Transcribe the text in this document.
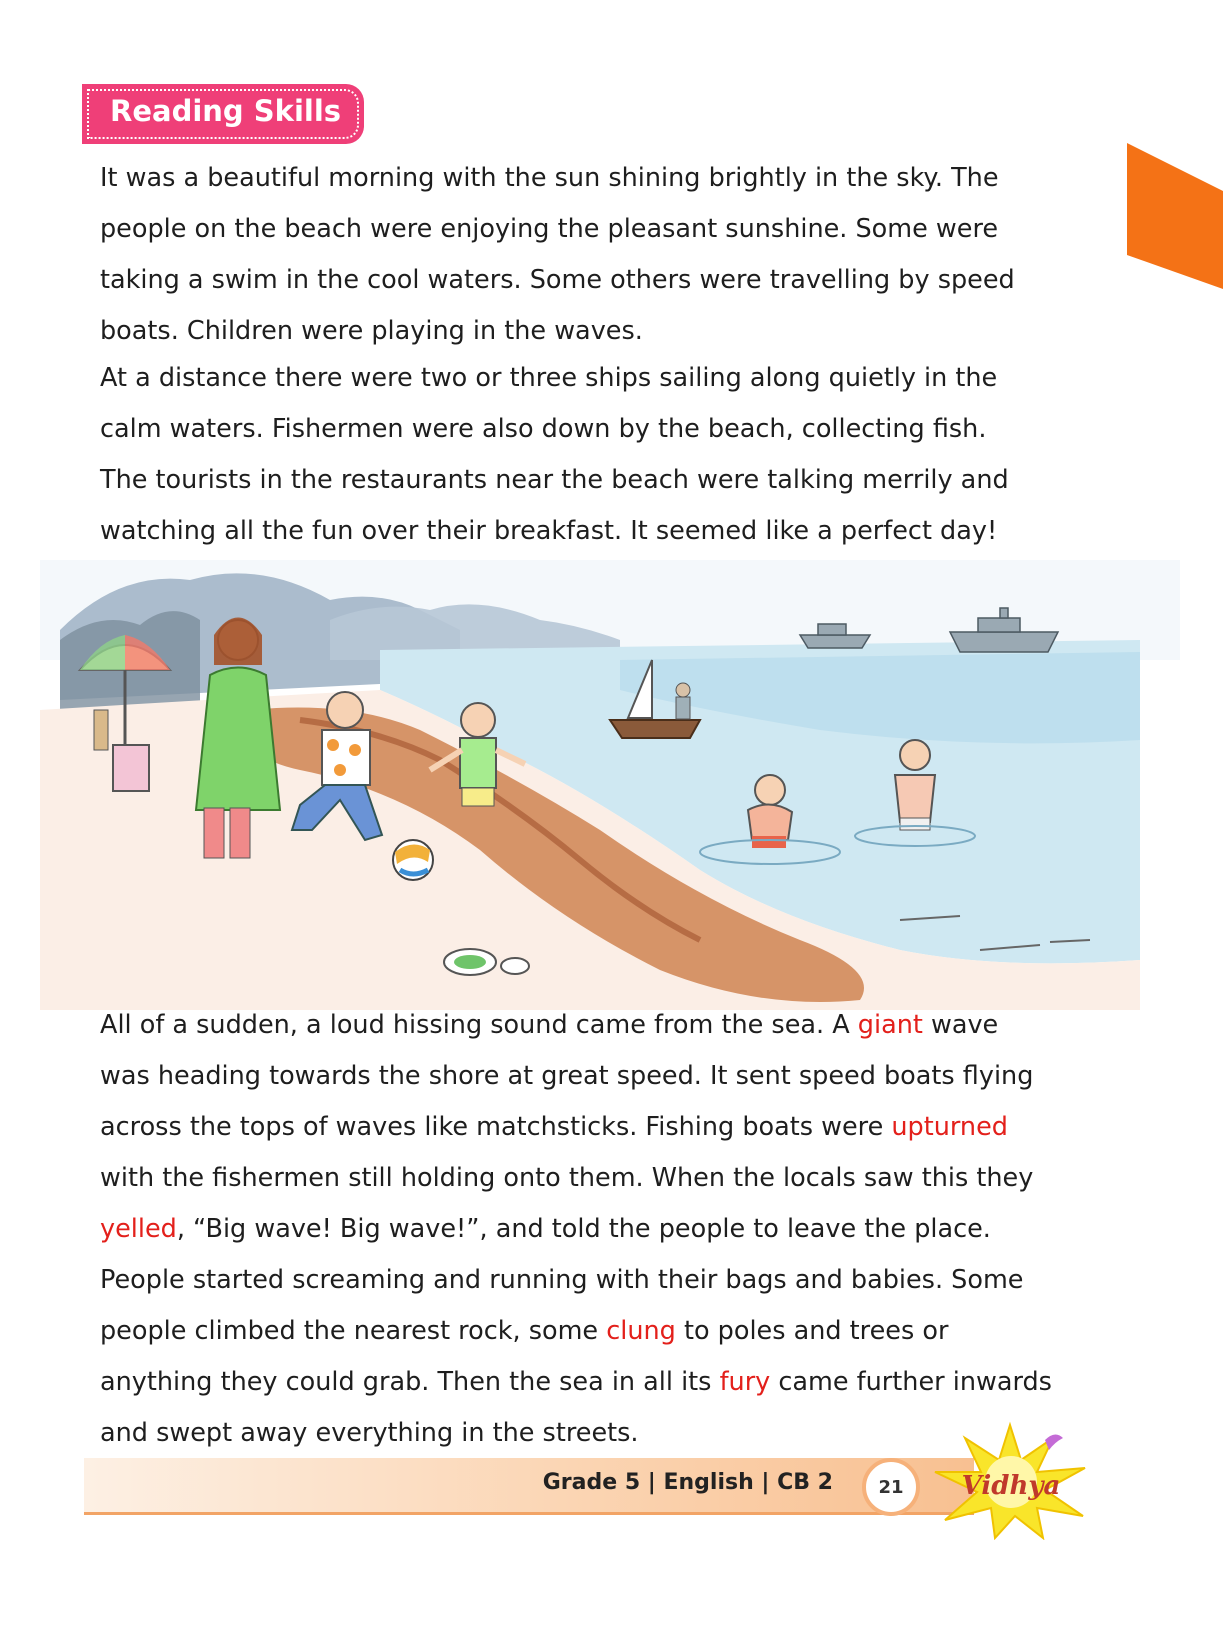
Reading Skills

It was a beautiful morning with the sun shining brightly in the sky. The
people on the beach were enjoying the pleasant sunshine. Some were
taking a swim in the cool waters. Some others were travelling by speed
boats. Children were playing in the waves.

At a distance there were two or three ships sailing along quietly in the
calm waters. Fishermen were also down by the beach, collecting fish.
The tourists in the restaurants near the beach were talking merrily and
watching all the fun over their breakfast. It seemed like a perfect day!

All of a sudden, a loud hissing sound came from the sea. A giant wave
was heading towards the shore at great speed. It sent speed boats flying
across the tops of waves like matchsticks. Fishing boats were upturned
with the fishermen still holding onto them. When the locals saw this they
yelled, “Big wave! Big wave!”, and told the people to leave the place.
People started screaming and running with their bags and babies. Some
people climbed the nearest rock, some clung to poles and trees or
anything they could grab. Then the sea in all its fury came further inwards
and swept away everything in the streets.

Grade 5 | English | CB 2	21	Vidhya
